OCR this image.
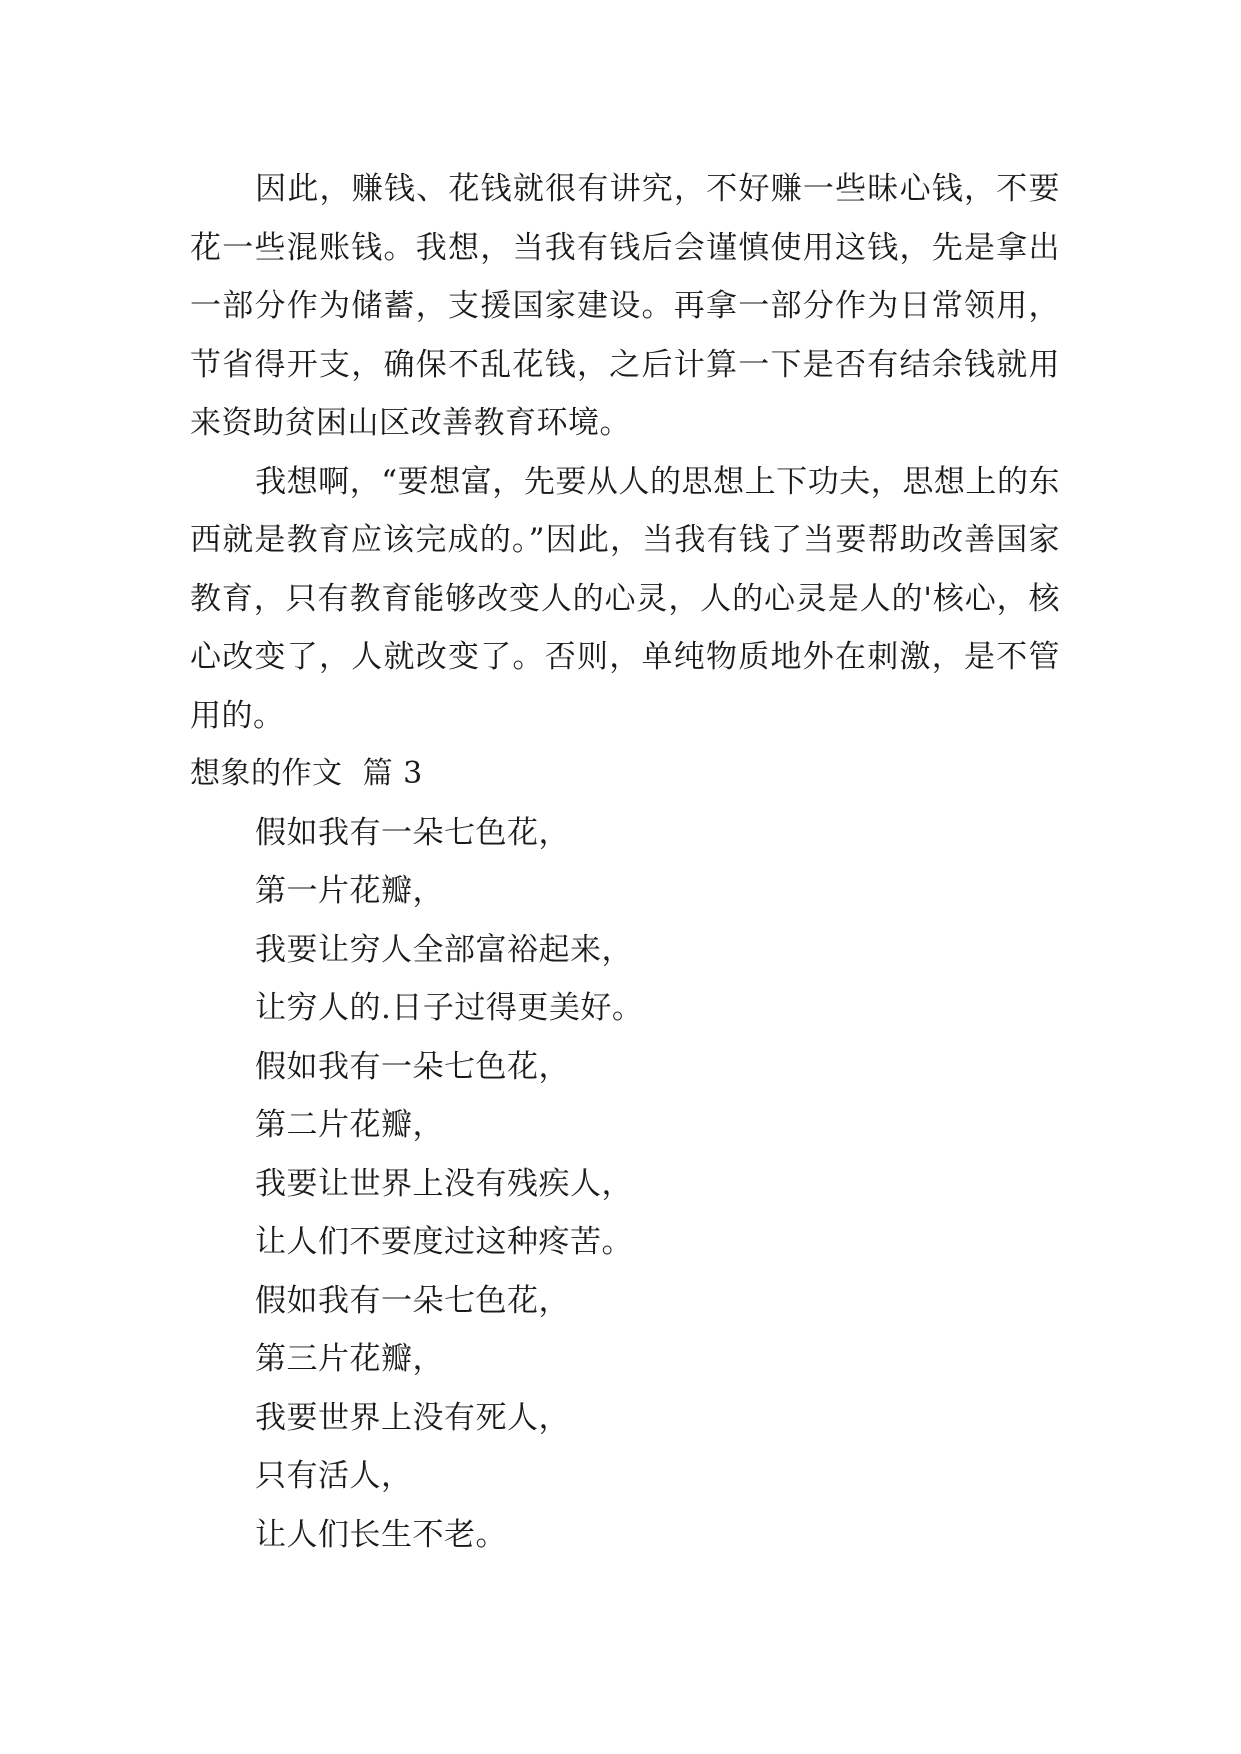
因此，赚钱、花钱就很有讲究，不好赚一些昧心钱，不要花一些混账钱。我想，当我有钱后会谨慎使用这钱，先是拿出一部分作为储蓄，支援国家建设。再拿一部分作为日常领用，节省得开支，确保不乱花钱，之后计算一下是否有结余钱就用来资助贫困山区改善教育环境。

我想啊，“要想富，先要从人的思想上下功夫，思想上的东西就是教育应该完成的。”因此，当我有钱了当要帮助改善国家教育，只有教育能够改变人的心灵，人的心灵是人的'核心，核心改变了，人就改变了。否则，单纯物质地外在刺激，是不管用的。

想象的作文  篇 3

假如我有一朵七色花，

第一片花瓣，

我要让穷人全部富裕起来，

让穷人的.日子过得更美好。

假如我有一朵七色花，

第二片花瓣，

我要让世界上没有残疾人，

让人们不要度过这种疼苦。

假如我有一朵七色花，

第三片花瓣，

我要世界上没有死人，

只有活人，

让人们长生不老。
